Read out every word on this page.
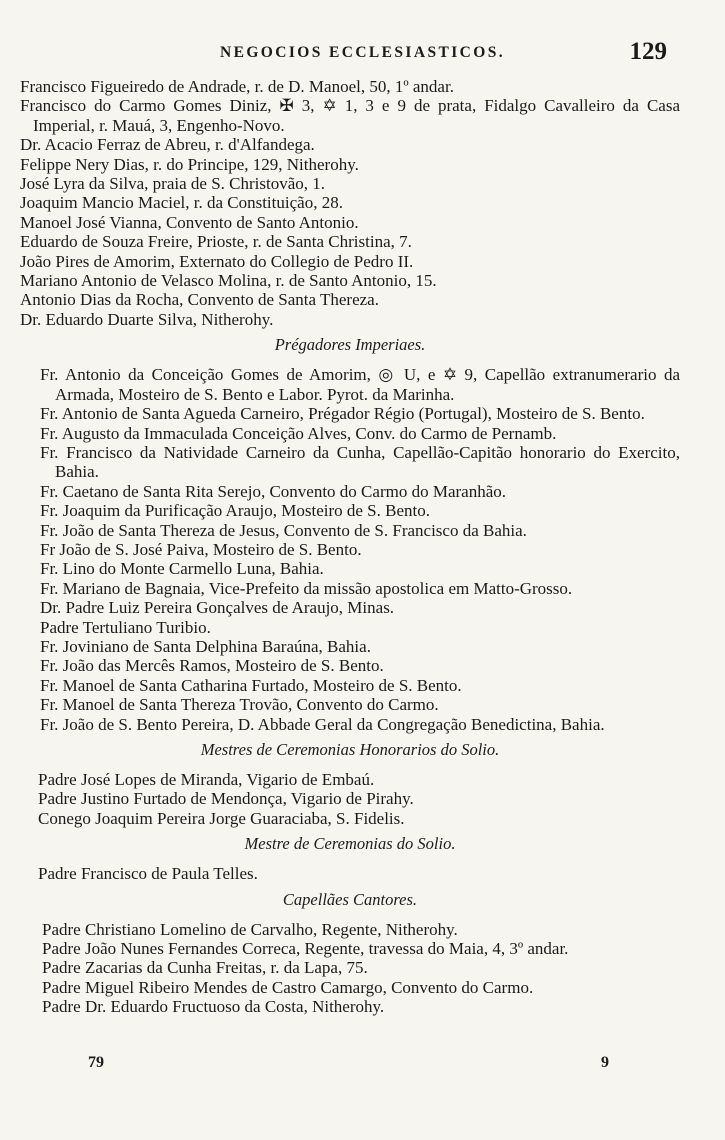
NEGOCIOS ECCLESIASTICOS.	129
Francisco Figueiredo de Andrade, r. de D. Manoel, 50, 1º andar.
Francisco do Carmo Gomes Diniz, ✠ 3, ✡ 1, 3 e 9 de prata, Fidalgo Cavalleiro da Casa Imperial, r. Mauá, 3, Engenho-Novo.
Dr. Acacio Ferraz de Abreu, r. d'Alfandega.
Felippe Nery Dias, r. do Principe, 129, Nitherohy.
José Lyra da Silva, praia de S. Christovão, 1.
Joaquim Mancio Maciel, r. da Constituição, 28.
Manoel José Vianna, Convento de Santo Antonio.
Eduardo de Souza Freire, Prioste, r. de Santa Christina, 7.
João Pires de Amorim, Externato do Collegio de Pedro II.
Mariano Antonio de Velasco Molina, r. de Santo Antonio, 15.
Antonio Dias da Rocha, Convento de Santa Thereza.
Dr. Eduardo Duarte Silva, Nitherohy.
Prégadores Imperiaes.
Fr. Antonio da Conceição Gomes de Amorim, ◎ U, e ✡ 9, Capellão extranumerario da Armada, Mosteiro de S. Bento e Labor. Pyrot. da Marinha.
Fr. Antonio de Santa Agueda Carneiro, Prégador Régio (Portugal), Mosteiro de S. Bento.
Fr. Augusto da Immaculada Conceição Alves, Conv. do Carmo de Pernamb.
Fr. Francisco da Natividade Carneiro da Cunha, Capellão-Capitão honorario do Exercito, Bahia.
Fr. Caetano de Santa Rita Serejo, Convento do Carmo do Maranhão.
Fr. Joaquim da Purificação Araujo, Mosteiro de S. Bento.
Fr. João de Santa Thereza de Jesus, Convento de S. Francisco da Bahia.
Fr João de S. José Paiva, Mosteiro de S. Bento.
Fr. Lino do Monte Carmello Luna, Bahia.
Fr. Mariano de Bagnaia, Vice-Prefeito da missão apostolica em Matto-Grosso.
Dr. Padre Luiz Pereira Gonçalves de Araujo, Minas.
Padre Tertuliano Turibio.
Fr. Joviniano de Santa Delphina Baraúna, Bahia.
Fr. João das Mercês Ramos, Mosteiro de S. Bento.
Fr. Manoel de Santa Catharina Furtado, Mosteiro de S. Bento.
Fr. Manoel de Santa Thereza Trovão, Convento do Carmo.
Fr. João de S. Bento Pereira, D. Abbade Geral da Congregação Benedictina, Bahia.
Mestres de Ceremonias Honorarios do Solio.
Padre José Lopes de Miranda, Vigario de Embaú.
Padre Justino Furtado de Mendonça, Vigario de Pirahy.
Conego Joaquim Pereira Jorge Guaraciaba, S. Fidelis.
Mestre de Ceremonias do Solio.
Padre Francisco de Paula Telles.
Capellães Cantores.
Padre Christiano Lomelino de Carvalho, Regente, Nitherohy.
Padre João Nunes Fernandes Correca, Regente, travessa do Maia, 4, 3º andar.
Padre Zacarias da Cunha Freitas, r. da Lapa, 75.
Padre Miguel Ribeiro Mendes de Castro Camargo, Convento do Carmo.
Padre Dr. Eduardo Fructuoso da Costa, Nitherohy.
79	9
